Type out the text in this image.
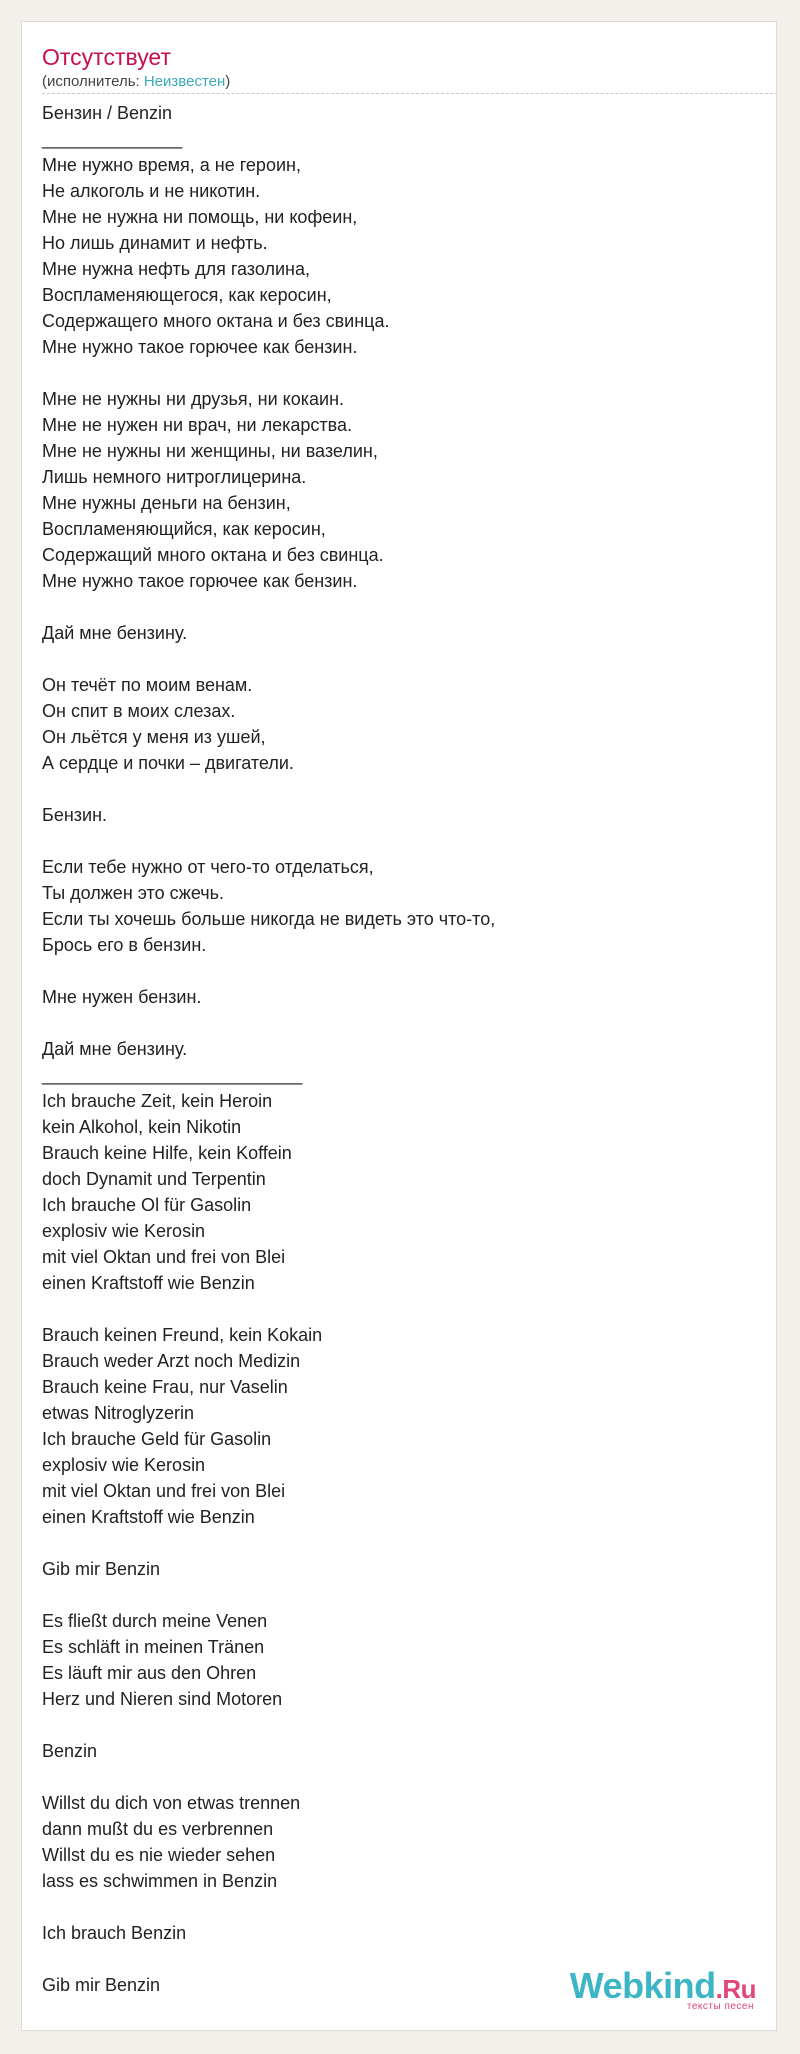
Отсутствует
(исполнитель: Неизвестен)
Бензин / Benzin
______________
Мне нужно время, а не героин,
Не алкоголь и не никотин.
Мне не нужна ни помощь, ни кофеин,
Но лишь динамит и нефть.
Мне нужна нефть для газолина,
Воспламеняющегося, как керосин,
Содержащего много октана и без свинца.
Мне нужно такое горючее как бензин.

Мне не нужны ни друзья, ни кокаин.
Мне не нужен ни врач, ни лекарства.
Мне не нужны ни женщины, ни вазелин,
Лишь немного нитроглицерина.
Мне нужны деньги на бензин,
Воспламеняющийся, как керосин,
Содержащий много октана и без свинца.
Мне нужно такое горючее как бензин.

Дай мне бензину.

Он течёт по моим венам.
Он спит в моих слезах.
Он льётся у меня из ушей,
А сердце и почки – двигатели.

Бензин.

Если тебе нужно от чего-то отделаться,
Ты должен это сжечь.
Если ты хочешь больше никогда не видеть это что-то,
Брось его в бензин.

Мне нужен бензин.

Дай мне бензину.
__________________________
Ich brauche Zeit, kein Heroin
kein Alkohol, kein Nikotin
Brauch keine Hilfe, kein Koffein
doch Dynamit und Terpentin
Ich brauche Ol für Gasolin
explosiv wie Kerosin
mit viel Oktan und frei von Blei
einen Kraftstoff wie Benzin

Brauch keinen Freund, kein Kokain
Brauch weder Arzt noch Medizin
Brauch keine Frau, nur Vaselin
etwas Nitroglyzerin
Ich brauche Geld für Gasolin
explosiv wie Kerosin
mit viel Oktan und frei von Blei
einen Kraftstoff wie Benzin

Gib mir Benzin

Es fließt durch meine Venen
Es schläft in meinen Tränen
Es läuft mir aus den Ohren
Herz und Nieren sind Motoren

Benzin

Willst du dich von etwas trennen
dann mußt du es verbrennen
Willst du es nie wieder sehen
lass es schwimmen in Benzin

Ich brauch Benzin

Gib mir Benzin	Webkind.Ru
тексты песен
